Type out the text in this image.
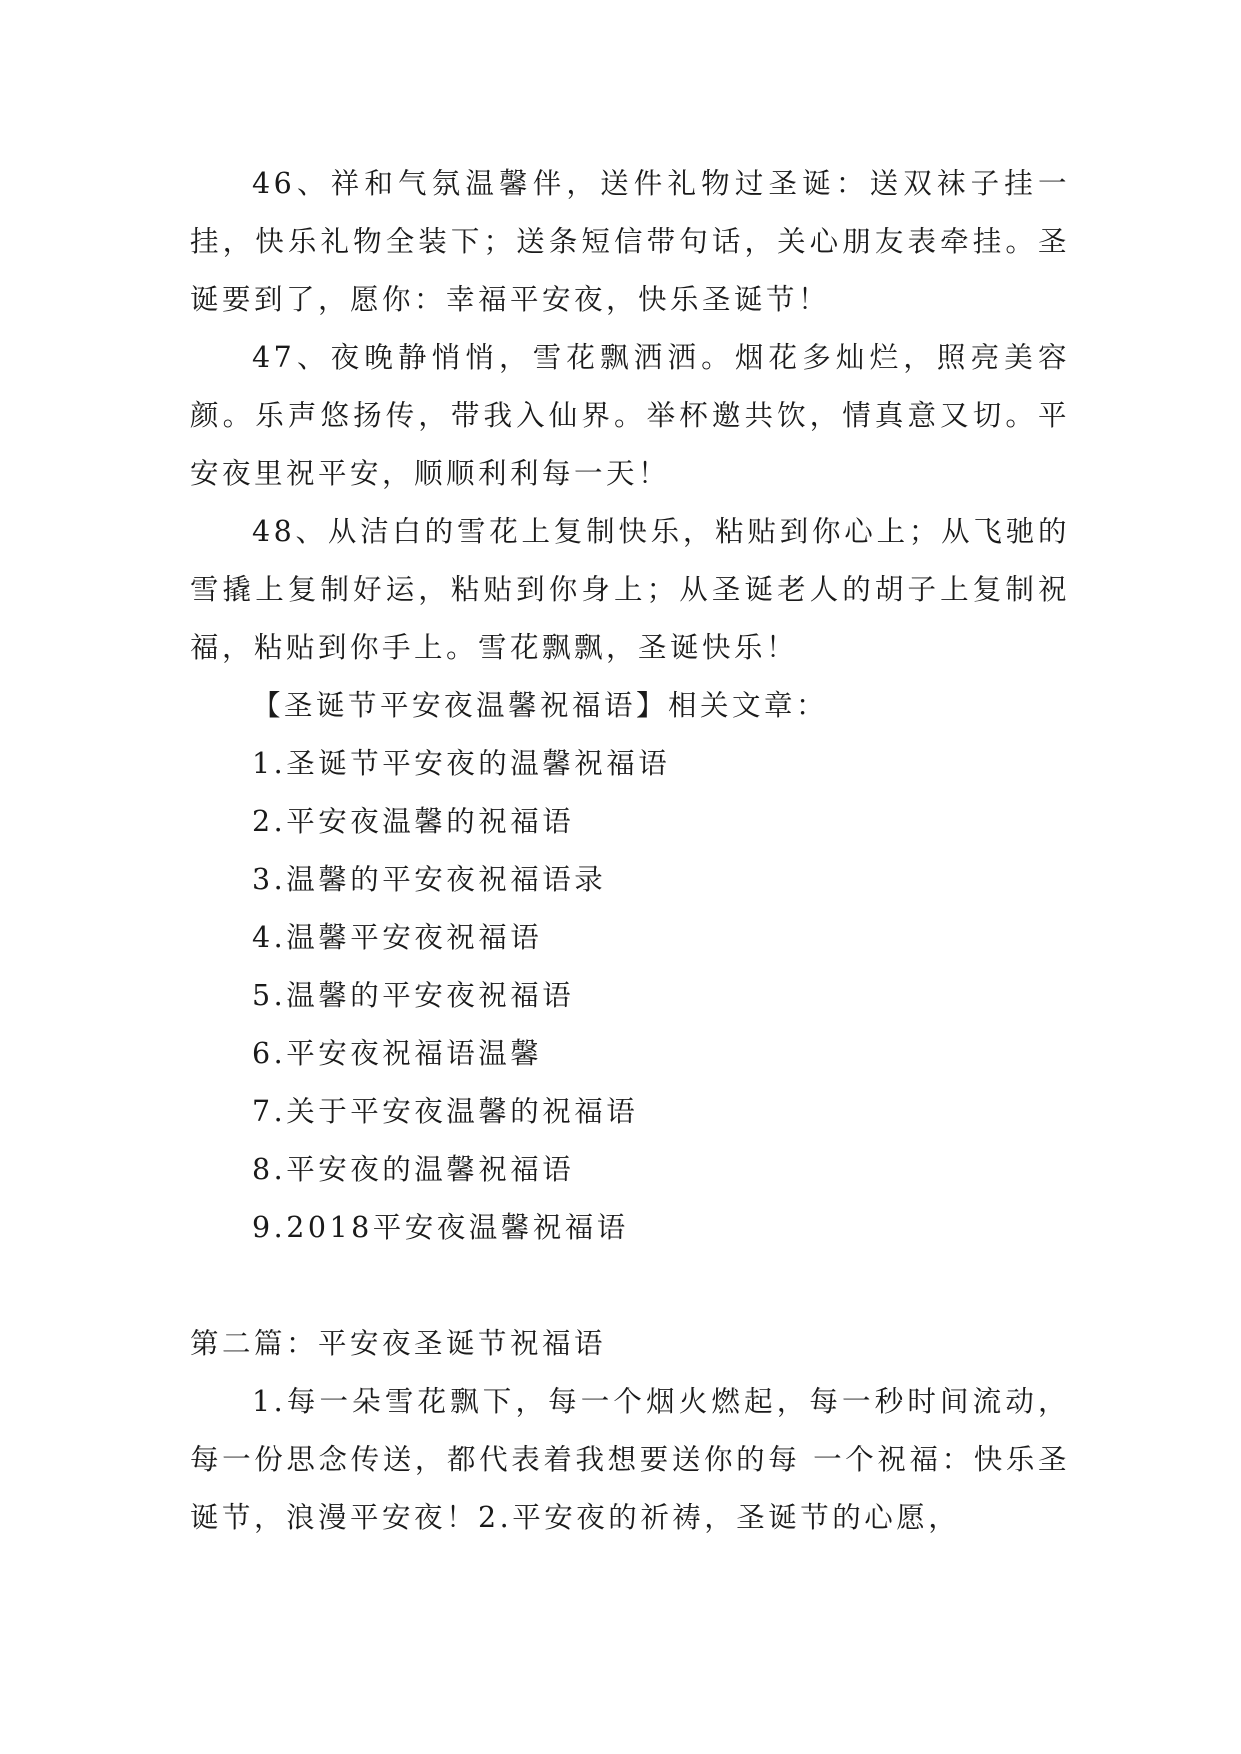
46、祥和气氛温馨伴，送件礼物过圣诞：送双袜子挂一挂，快乐礼物全装下；送条短信带句话，关心朋友表牵挂。圣诞要到了，愿你：幸福平安夜，快乐圣诞节！

47、夜晚静悄悄，雪花飘洒洒。烟花多灿烂，照亮美容颜。乐声悠扬传，带我入仙界。举杯邀共饮，情真意又切。平安夜里祝平安，顺顺利利每一天！

48、从洁白的雪花上复制快乐，粘贴到你心上；从飞驰的雪撬上复制好运，粘贴到你身上；从圣诞老人的胡子上复制祝福，粘贴到你手上。雪花飘飘，圣诞快乐！

【圣诞节平安夜温馨祝福语】相关文章：

1.圣诞节平安夜的温馨祝福语

2.平安夜温馨的祝福语

3.温馨的平安夜祝福语录

4.温馨平安夜祝福语

5.温馨的平安夜祝福语

6.平安夜祝福语温馨

7.关于平安夜温馨的祝福语

8.平安夜的温馨祝福语

9.2018平安夜温馨祝福语

第二篇：平安夜圣诞节祝福语

1.每一朵雪花飘下，每一个烟火燃起，每一秒时间流动，每一份思念传送，都代表着我想要送你的每 一个祝福：快乐圣诞节，浪漫平安夜！2.平安夜的祈祷，圣诞节的心愿，
